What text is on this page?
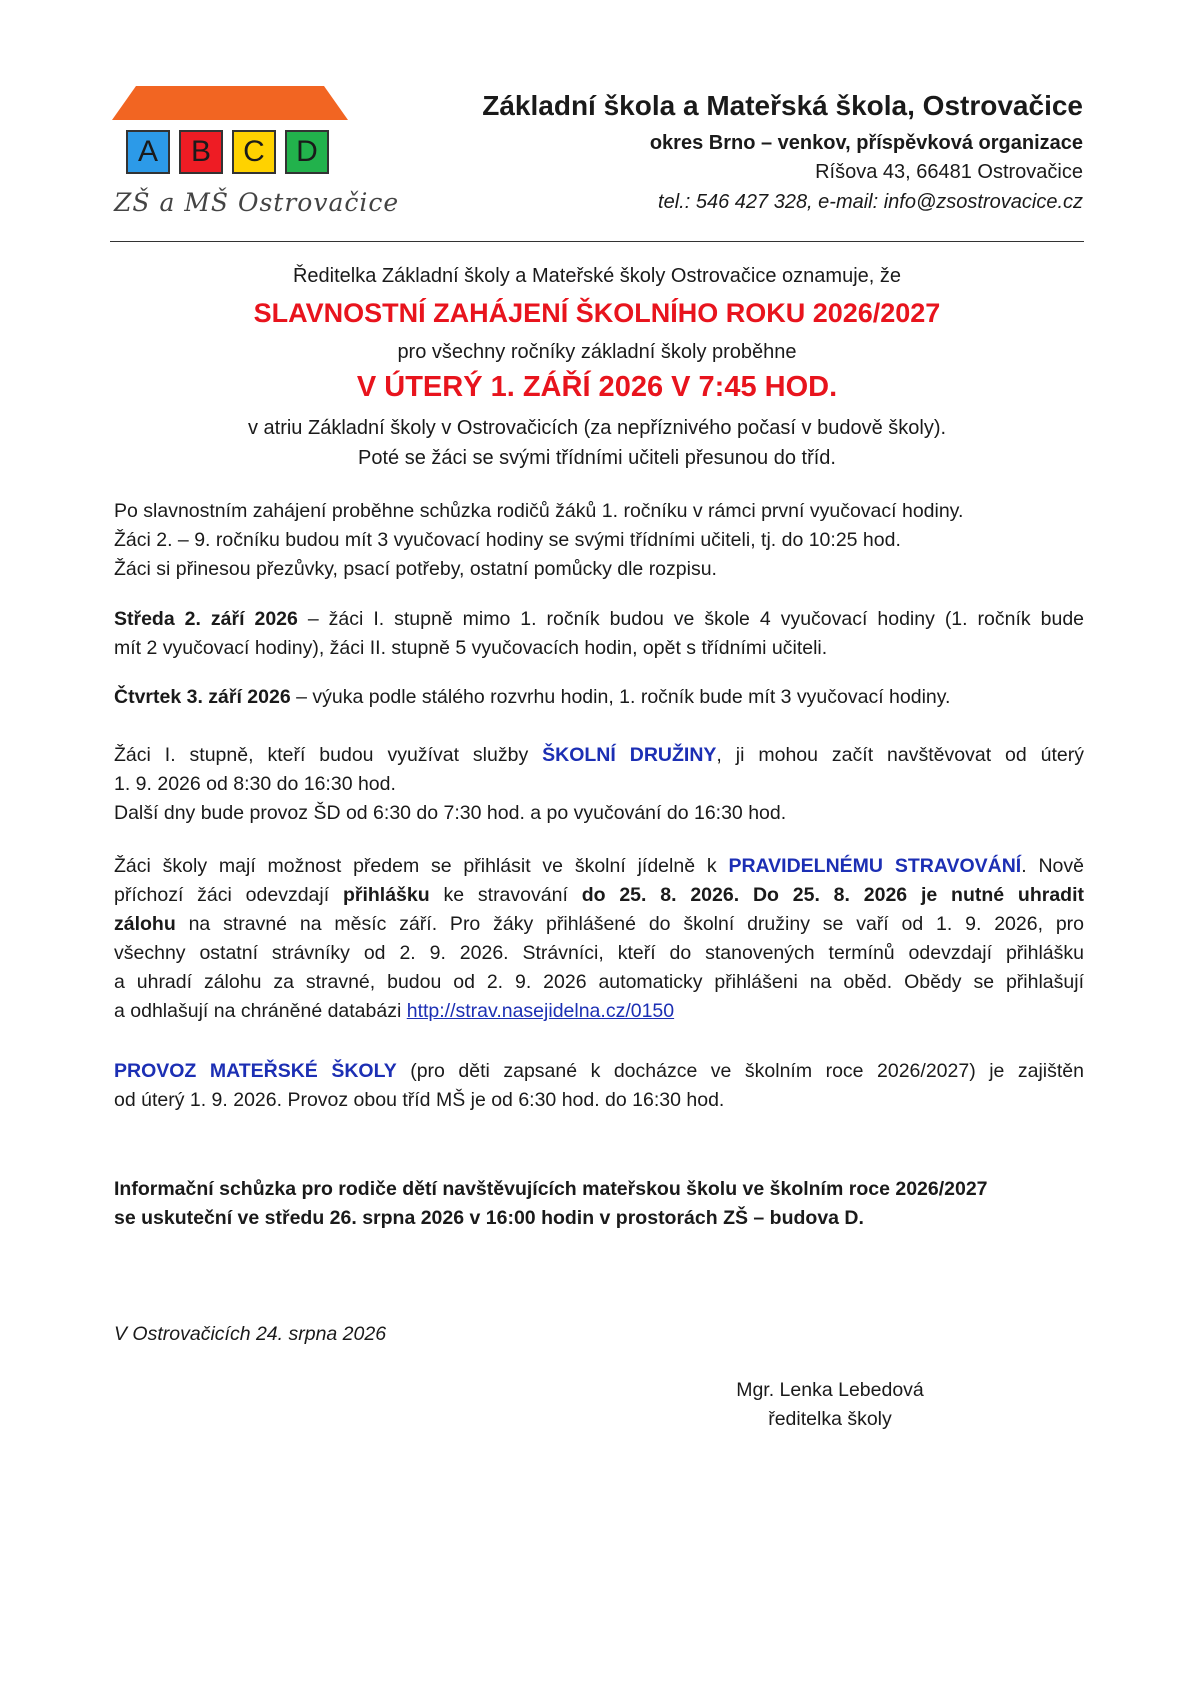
A	B	C	D
ZŠ a MŠ Ostrovačice
Základní škola a Mateřská škola, Ostrovačice
okres Brno – venkov, příspěvková organizace
Ríšova 43, 66481 Ostrovačice
tel.: 546 427 328, e-mail: info@zsostrovacice.cz
Ředitelka Základní školy a Mateřské školy Ostrovačice oznamuje, že
SLAVNOSTNÍ ZAHÁJENÍ ŠKOLNÍHO ROKU 2026/2027
pro všechny ročníky základní školy proběhne
V ÚTERÝ 1. ZÁŘÍ 2026 V 7:45 HOD.
v atriu Základní školy v Ostrovačicích (za nepříznivého počasí v budově školy).
Poté se žáci se svými třídními učiteli přesunou do tříd.
Po slavnostním zahájení proběhne schůzka rodičů žáků 1. ročníku v rámci první vyučovací hodiny.
Žáci 2. – 9. ročníku budou mít 3 vyučovací hodiny se svými třídními učiteli, tj. do 10:25 hod.
Žáci si přinesou přezůvky, psací potřeby, ostatní pomůcky dle rozpisu.
Středa 2. září 2026 – žáci I. stupně mimo 1. ročník budou ve škole 4 vyučovací hodiny (1. ročník bude
mít 2 vyučovací hodiny), žáci II. stupně 5 vyučovacích hodin, opět s třídními učiteli.
Čtvrtek 3. září 2026 – výuka podle stálého rozvrhu hodin, 1. ročník bude mít 3 vyučovací hodiny.
Žáci I. stupně, kteří budou využívat služby ŠKOLNÍ DRUŽINY, ji mohou začít navštěvovat od úterý
1. 9. 2026 od 8:30 do 16:30 hod.
Další dny bude provoz ŠD od 6:30 do 7:30 hod. a po vyučování do 16:30 hod.
Žáci školy mají možnost předem se přihlásit ve školní jídelně k PRAVIDELNÉMU STRAVOVÁNÍ. Nově
příchozí žáci odevzdají přihlášku ke stravování do 25. 8. 2026. Do 25. 8. 2026 je nutné uhradit
zálohu na stravné na měsíc září. Pro žáky přihlášené do školní družiny se vaří od 1. 9. 2026, pro
všechny ostatní strávníky od 2. 9. 2026. Strávníci, kteří do stanovených termínů odevzdají přihlášku
a uhradí zálohu za stravné, budou od 2. 9. 2026 automaticky přihlášeni na oběd. Obědy se přihlašují
a odhlašují na chráněné databázi http://strav.nasejidelna.cz/0150
PROVOZ MATEŘSKÉ ŠKOLY (pro děti zapsané k docházce ve školním roce 2026/2027) je zajištěn
od úterý 1. 9. 2026. Provoz obou tříd MŠ je od 6:30 hod. do 16:30 hod.
Informační schůzka pro rodiče dětí navštěvujících mateřskou školu ve školním roce 2026/2027
se uskuteční ve středu 26. srpna 2026 v 16:00 hodin v prostorách ZŠ – budova D.
V Ostrovačicích 24. srpna 2026
Mgr. Lenka Lebedová
ředitelka školy
